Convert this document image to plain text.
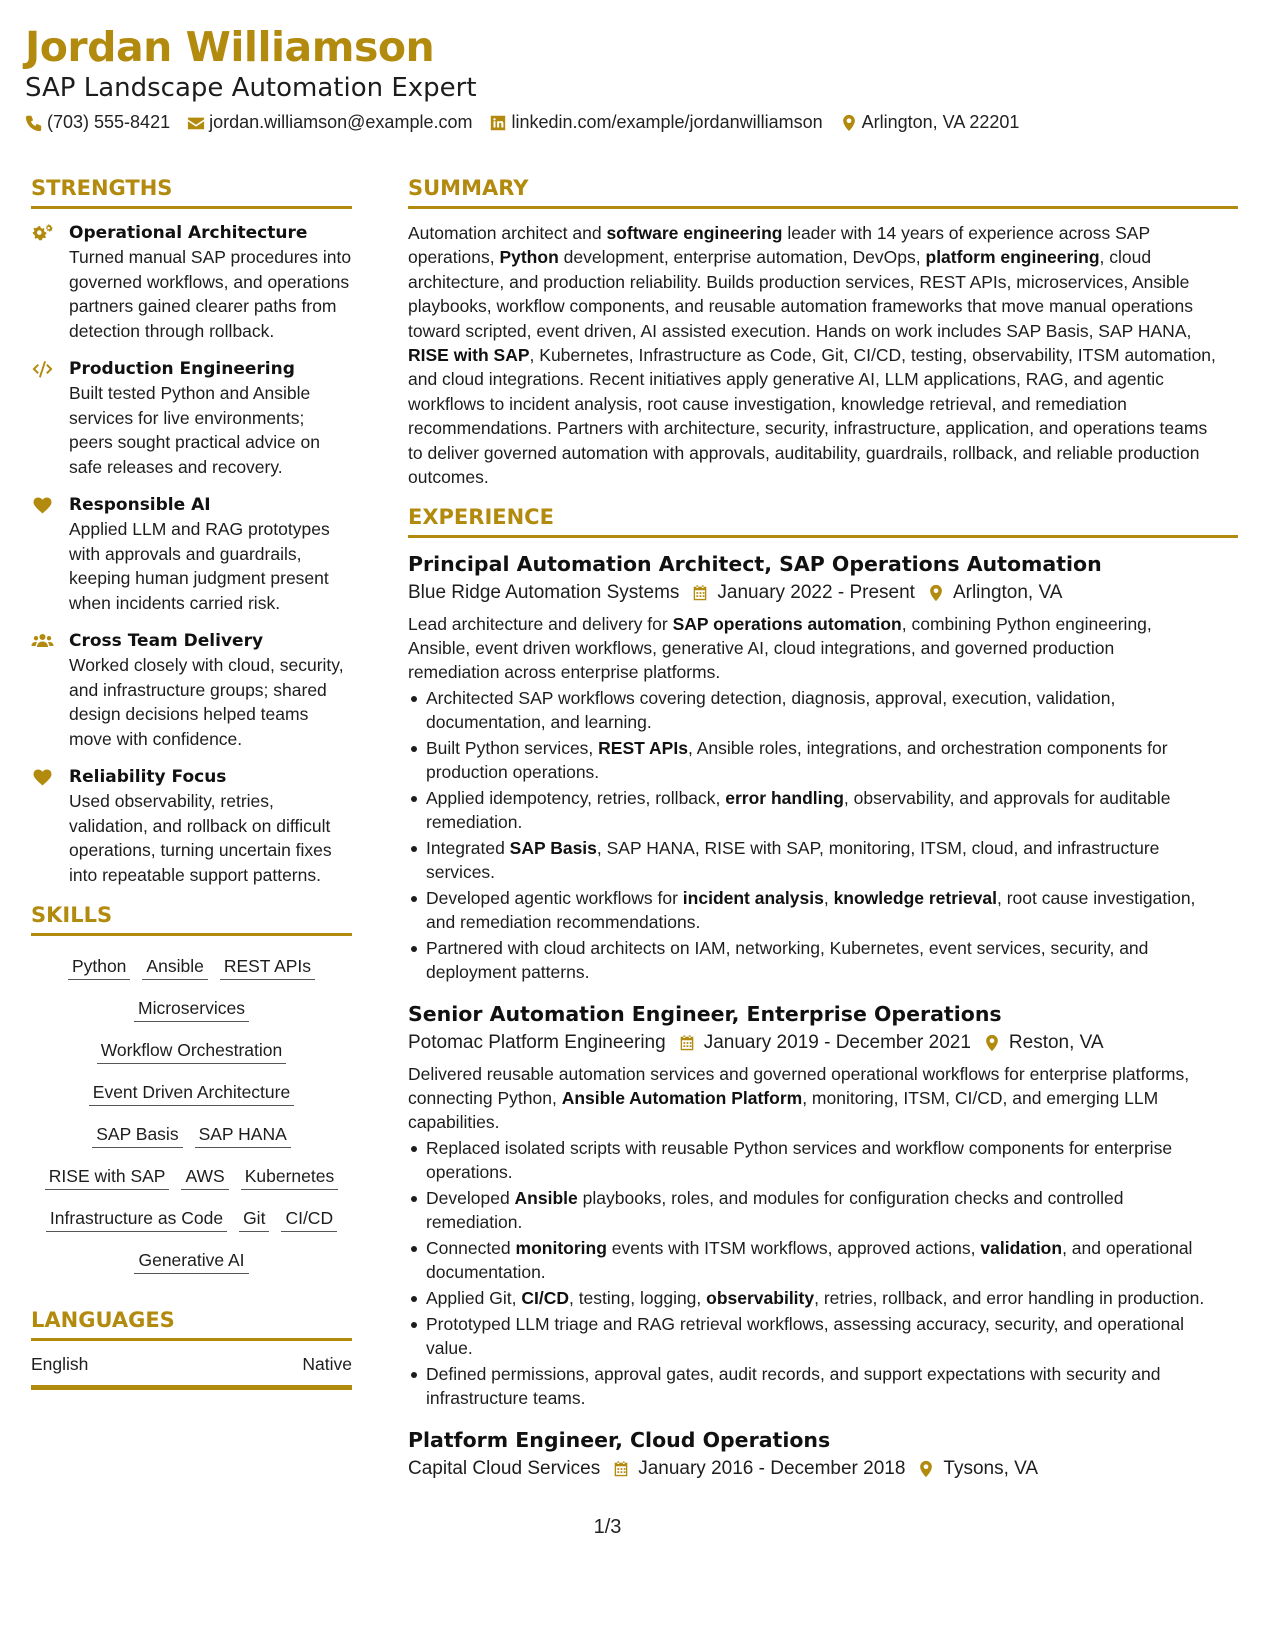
Jordan Williamson
SAP Landscape Automation Expert
(703) 555-8421 jordan.williamson@example.com linkedin.com/example/jordanwilliamson Arlington, VA 22201
STRENGTHS
Operational Architecture
Turned manual SAP procedures into governed workflows, and operations partners gained clearer paths from detection through rollback.
Production Engineering
Built tested Python and Ansible services for live environments; peers sought practical advice on safe releases and recovery.
Responsible AI
Applied LLM and RAG prototypes with approvals and guardrails, keeping human judgment present when incidents carried risk.
Cross Team Delivery
Worked closely with cloud, security, and infrastructure groups; shared design decisions helped teams move with confidence.
Reliability Focus
Used observability, retries, validation, and rollback on difficult operations, turning uncertain fixes into repeatable support patterns.
SKILLS
Python Ansible REST APIs
Microservices
Workflow Orchestration
Event Driven Architecture
SAP Basis SAP HANA
RISE with SAP AWS Kubernetes
Infrastructure as Code Git CI/CD
Generative AI
LANGUAGES
English	Native
SUMMARY
Automation architect and software engineering leader with 14 years of experience across SAP operations, Python development, enterprise automation, DevOps, platform engineering, cloud architecture, and production reliability. Builds production services, REST APIs, microservices, Ansible playbooks, workflow components, and reusable automation frameworks that move manual operations toward scripted, event driven, AI assisted execution. Hands on work includes SAP Basis, SAP HANA, RISE with SAP, Kubernetes, Infrastructure as Code, Git, CI/CD, testing, observability, ITSM automation, and cloud integrations. Recent initiatives apply generative AI, LLM applications, RAG, and agentic workflows to incident analysis, root cause investigation, knowledge retrieval, and remediation recommendations. Partners with architecture, security, infrastructure, application, and operations teams to deliver governed automation with approvals, auditability, guardrails, rollback, and reliable production outcomes.
EXPERIENCE
Principal Automation Architect, SAP Operations Automation
Blue Ridge Automation Systems January 2022 - Present Arlington, VA
Lead architecture and delivery for SAP operations automation, combining Python engineering, Ansible, event driven workflows, generative AI, cloud integrations, and governed production remediation across enterprise platforms.
Architected SAP workflows covering detection, diagnosis, approval, execution, validation, documentation, and learning.
Built Python services, REST APIs, Ansible roles, integrations, and orchestration components for production operations.
Applied idempotency, retries, rollback, error handling, observability, and approvals for auditable remediation.
Integrated SAP Basis, SAP HANA, RISE with SAP, monitoring, ITSM, cloud, and infrastructure services.
Developed agentic workflows for incident analysis, knowledge retrieval, root cause investigation, and remediation recommendations.
Partnered with cloud architects on IAM, networking, Kubernetes, event services, security, and deployment patterns.
Senior Automation Engineer, Enterprise Operations
Potomac Platform Engineering January 2019 - December 2021 Reston, VA
Delivered reusable automation services and governed operational workflows for enterprise platforms, connecting Python, Ansible Automation Platform, monitoring, ITSM, CI/CD, and emerging LLM capabilities.
Replaced isolated scripts with reusable Python services and workflow components for enterprise operations.
Developed Ansible playbooks, roles, and modules for configuration checks and controlled remediation.
Connected monitoring events with ITSM workflows, approved actions, validation, and operational documentation.
Applied Git, CI/CD, testing, logging, observability, retries, rollback, and error handling in production.
Prototyped LLM triage and RAG retrieval workflows, assessing accuracy, security, and operational value.
Defined permissions, approval gates, audit records, and support expectations with security and infrastructure teams.
Platform Engineer, Cloud Operations
Capital Cloud Services January 2016 - December 2018 Tysons, VA
1/3
